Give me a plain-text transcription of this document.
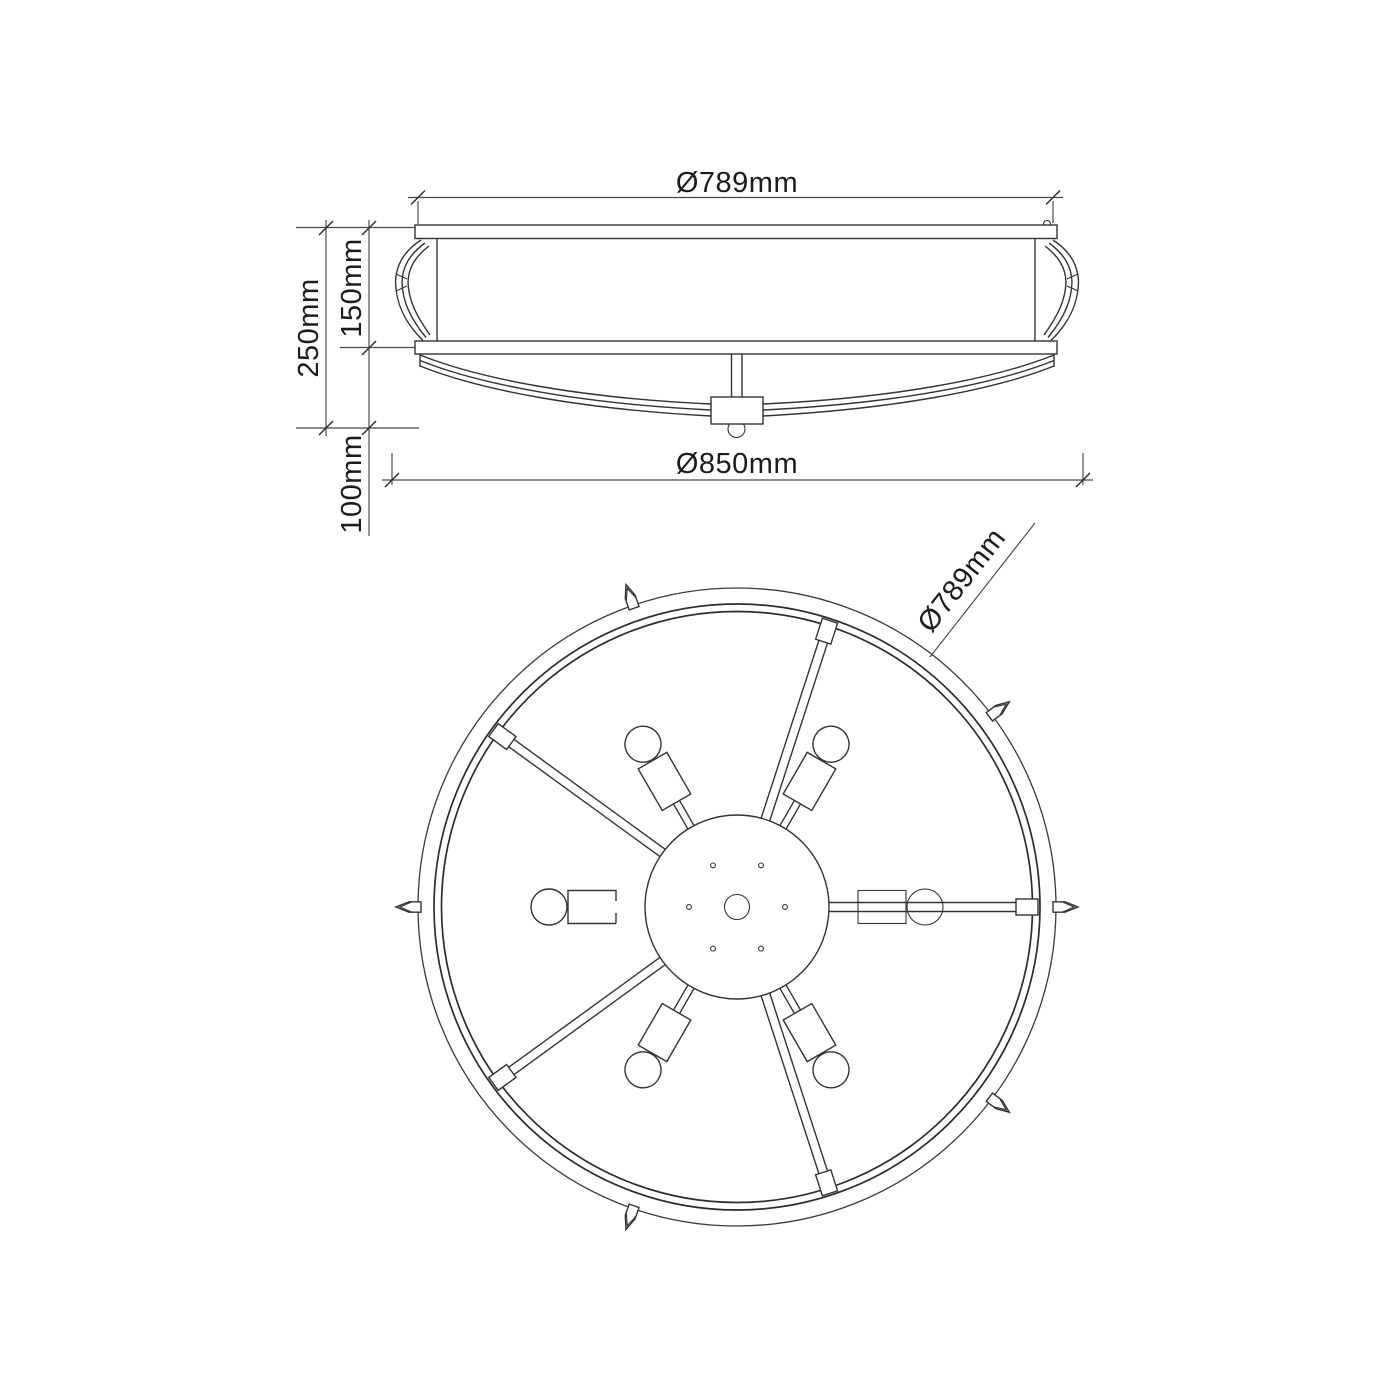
Ø789mm
250mm 150mm
100mm	Ø850mm
Ø789mm
